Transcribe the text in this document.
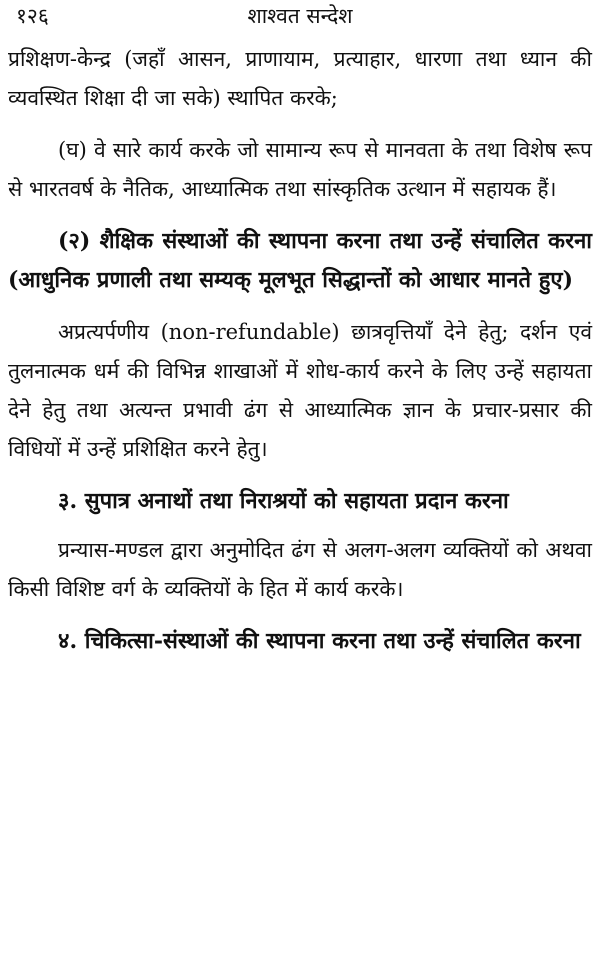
१२६	शाश्वत सन्देश

प्रशिक्षण-केन्द्र (जहाँ आसन, प्राणायाम, प्रत्याहार, धारणा तथा ध्यान की व्यवस्थित शिक्षा दी जा सके) स्थापित करके;

(घ) वे सारे कार्य करके जो सामान्य रूप से मानवता के तथा विशेष रूप से भारतवर्ष के नैतिक, आध्यात्मिक तथा सांस्कृतिक उत्थान में सहायक हैं।

(२) शैक्षिक संस्थाओं की स्थापना करना तथा उन्हें संचालित करना (आधुनिक प्रणाली तथा सम्यक् मूलभूत सिद्धान्तों को आधार मानते हुए)

अप्रत्यर्पणीय (non-refundable) छात्रवृत्तियाँ देने हेतु; दर्शन एवं तुलनात्मक धर्म की विभिन्न शाखाओं में शोध-कार्य करने के लिए उन्हें सहायता देने हेतु तथा अत्यन्त प्रभावी ढंग से आध्यात्मिक ज्ञान के प्रचार-प्रसार की विधियों में उन्हें प्रशिक्षित करने हेतु।

३. सुपात्र अनाथों तथा निराश्रयों को सहायता प्रदान करना

प्रन्यास-मण्डल द्वारा अनुमोदित ढंग से अलग-अलग व्यक्तियों को अथवा किसी विशिष्ट वर्ग के व्यक्तियों के हित में कार्य करके।

४. चिकित्सा-संस्थाओं की स्थापना करना तथा उन्हें संचालित करना
